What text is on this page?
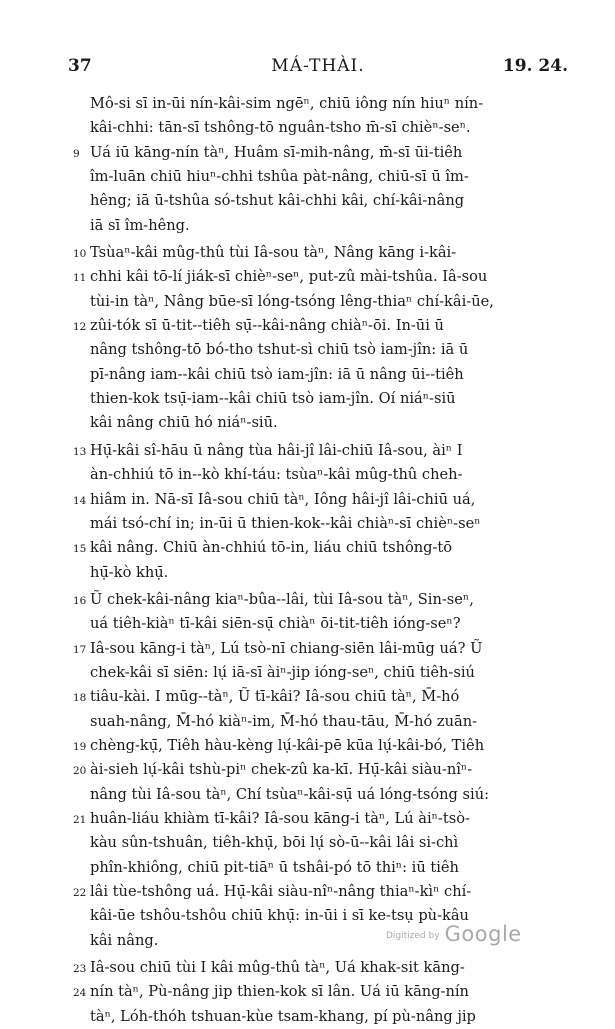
37	MÁ-THÀI.	19. 24.
Mô-si sī in-ūi nín-kâi-sim ngēⁿ, chiū iông nín hiuⁿ nín-
kâi-chhi: tān-sī tshông-tō nguân-tsho m̄-sī chièⁿ-seⁿ.
9 Uá iū kāng-nín tàⁿ, Huâm sī-mih-nâng, m̄-sī ūi-tiêh
îm-luān chiū hiuⁿ-chhi tshûa pàt-nâng, chiū-sī ū îm-
hêng; iā ū-tshûa só-tshut kâi-chhi kâi, chí-kâi-nâng
iā sī îm-hêng.
10 Tsùaⁿ-kâi mûg-thû tùi Iâ-sou tàⁿ, Nâng kāng i-kâi-
11 chhi kâi tō-lí jiák-sī chièⁿ-seⁿ, put-zû mài-tshûa. Iâ-sou
tùi-in tàⁿ, Nâng būe-sī lóng-tsóng lêng-thiaⁿ chí-kâi-ūe,
12 zûi-tók sī ū-tit--tiêh sụ̄--kâi-nâng chiàⁿ-ōi. In-ūi ū
nâng tshông-tō bó-tho tshut-sì chiū tsò iam-jîn: iā ū
pī-nâng iam--kâi chiū tsò iam-jîn: iā ū nâng ūi--tiêh
thien-kok tsụ̄-iam--kâi chiū tsò iam-jîn. Oí niáⁿ-siū
kâi nâng chiū hó niáⁿ-siū.
13 Hụ̄-kâi sî-hāu ū nâng tùa hâi-jî lâi-chiū Iâ-sou, àiⁿ I
àn-chhiú tō in--kò khí-táu: tsùaⁿ-kâi mûg-thû cheh-
14 hiâm in. Nā-sī Iâ-sou chiū tàⁿ, Iông hâi-jî lâi-chiū uá,
mái tsó-chí in; in-ūi ū thien-kok--kâi chiàⁿ-sī chièⁿ-seⁿ
15 kâi nâng. Chiū àn-chhiú tō-in, liáu chiū tshông-tō
hụ̄-kò khụ̄.
16 Ũ chek-kâi-nâng kiaⁿ-bûa--lâi, tùi Iâ-sou tàⁿ, Sin-seⁿ,
uá tiêh-kiàⁿ tī-kâi siēn-sụ̄ chiàⁿ ōi-tit-tiêh ióng-seⁿ?
17 Iâ-sou kāng-i tàⁿ, Lú tsò-nī chiang-siēn lâi-mūg uá? Ũ
chek-kâi sī siēn: lụ́ iā-sī àiⁿ-jip ióng-seⁿ, chiū tiêh-siú
18 tiâu-kài. I mūg--tàⁿ, Ũ tī-kâi? Iâ-sou chiū tàⁿ, M̄-hó
suah-nâng, M̄-hó kiàⁿ-im, M̄-hó thau-tāu, M̄-hó zuān-
19 chèng-kụ̄, Tiêh hàu-kèng lụ́-kâi-pē kūa lụ́-kâi-bó, Tiêh
20 ài-sieh lụ́-kâi tshù-piⁿ chek-zû ka-kī. Hụ̄-kâi siàu-nîⁿ-
nâng tùi Iâ-sou tàⁿ, Chí tsùaⁿ-kâi-sụ̄ uá lóng-tsóng siú:
21 huân-liáu khiàm tī-kâi? Iâ-sou kāng-i tàⁿ, Lú àiⁿ-tsò-
kàu sûn-tshuân, tiêh-khụ̄, bōi lụ́ sò-ū--kâi lâi si-chì
phîn-khiông, chiū pit-tiāⁿ ū tshâi-pó tō thiⁿ: iū tiêh
22 lâi tùe-tshông uá. Hụ̄-kâi siàu-nîⁿ-nâng thiaⁿ-kìⁿ chí-
kâi-ūe tshôu-tshôu chiū khụ̄: in-ūi i sī ke-tsụ pù-kâu
kâi nâng.
23 Iâ-sou chiū tùi I kâi mûg-thû tàⁿ, Uá khak-sit kāng-
24 nín tàⁿ, Pù-nâng jip thien-kok sī lân. Uá iū kāng-nín
tàⁿ, Lóh-thóh tshuan-kùe tsam-khang, pí pù-nâng jip
Digitized by Google
